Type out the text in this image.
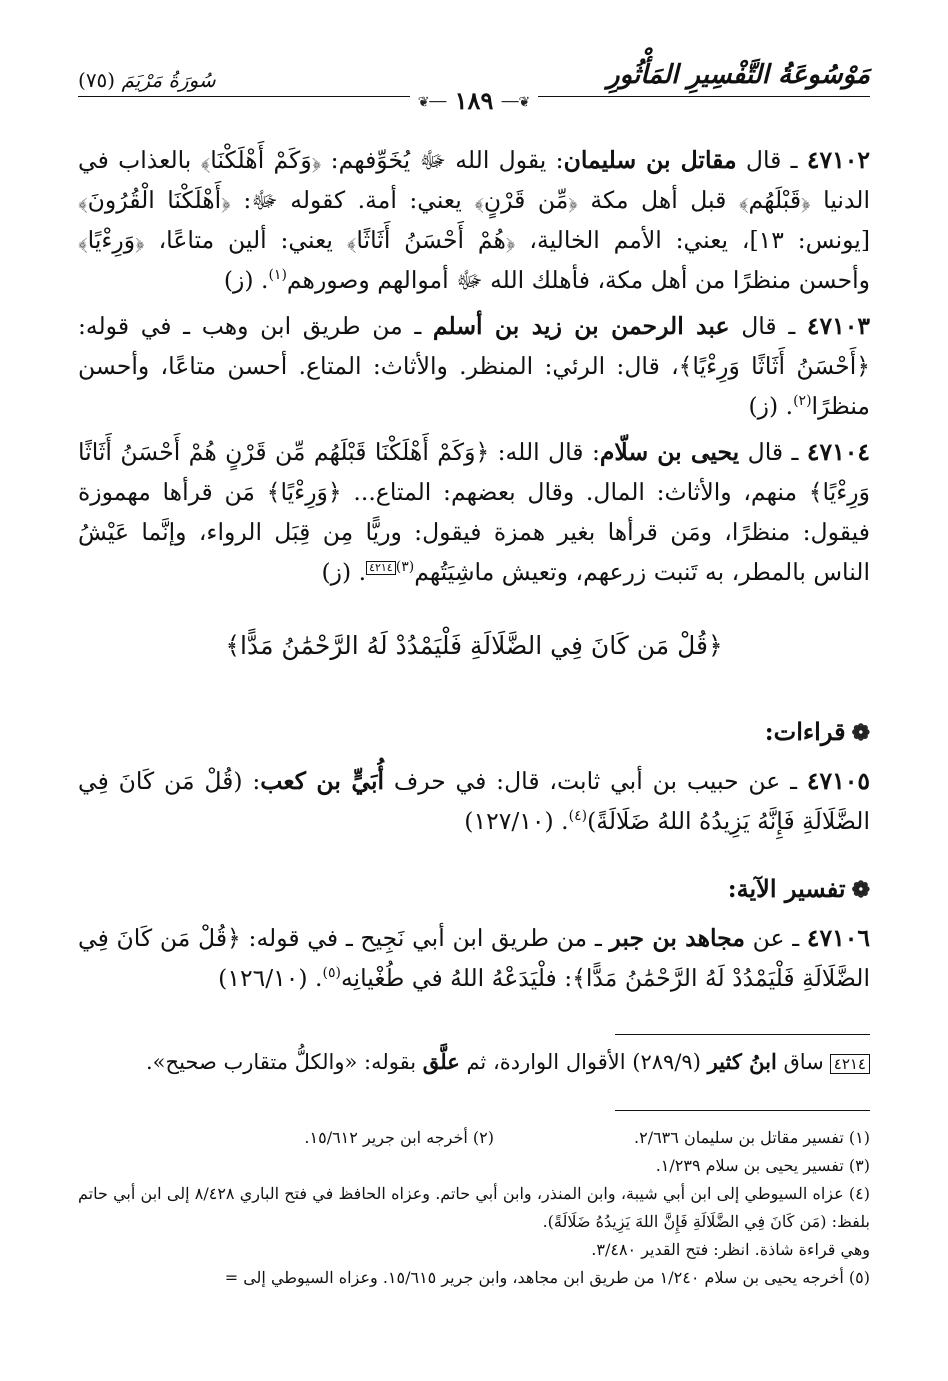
مَوْسُوعَةُ التَّفْسِيرِ المَأْثُورِ
سُورَةُ مَرْيَمَ (٧٥)
❦── ١٨٩ ──❦

٤٧١٠٢ ـ قال مقاتل بن سليمان: يقول الله ﷻ يُخَوِّفهم: ﴿وَكَمْ أَهْلَكْنَا﴾ بالعذاب في الدنيا ﴿قَبْلَهُم﴾ قبل أهل مكة ﴿مِّن قَرْنٍ﴾ يعني: أمة. كقوله ﷻ: ﴿أَهْلَكْنَا الْقُرُونَ﴾ [يونس: ١٣]، يعني: الأمم الخالية، ﴿هُمْ أَحْسَنُ أَثَاثًا﴾ يعني: ألين متاعًا، ﴿وَرِءْيًا﴾ وأحسن منظرًا من أهل مكة، فأهلك الله ﷻ أموالهم وصورهم$^{(١)}$. (ز)

٤٧١٠٣ ـ قال عبد الرحمن بن زيد بن أسلم ـ من طريق ابن وهب ـ في قوله: ﴿أَحْسَنُ أَثَاثًا وَرِءْيًا﴾، قال: الرئي: المنظر. والأثاث: المتاع. أحسن متاعًا، وأحسن منظرًا$^{(٢)}$. (ز)

٤٧١٠٤ ـ قال يحيى بن سلّام: قال الله: ﴿وَكَمْ أَهْلَكْنَا قَبْلَهُم مِّن قَرْنٍ هُمْ أَحْسَنُ أَثَاثًا وَرِءْيًا﴾ منهم، والأثاث: المال. وقال بعضهم: المتاع... ﴿وَرِءْيًا﴾ مَن قرأها مهموزة فيقول: منظرًا، ومَن قرأها بغير همزة فيقول: وريًّا مِن قِبَل الرواء، وإنَّما عَيْشُ الناس بالمطر، به تَنبت زرعهم، وتعيش ماشِيَتُهم$^{(٣)}$٤٢١٤. (ز)

﴿قُلْ مَن كَانَ فِي الضَّلَالَةِ فَلْيَمْدُدْ لَهُ الرَّحْمَٰنُ مَدًّا﴾
❁قراءات:

٤٧١٠٥ ـ عن حبيب بن أبي ثابت، قال: في حرف أُبَيٍّ بن كعب: (قُلْ مَن كَانَ فِي الضَّلَالَةِ فَإِنَّهُ يَزِيدُهُ اللهُ ضَلَالَةً)$^{(٤)}$. (١٢٧/١٠)

❁تفسير الآية:

٤٧١٠٦ ـ عن مجاهد بن جبر ـ من طريق ابن أبي نَجِيح ـ في قوله: ﴿قُلْ مَن كَانَ فِي الضَّلَالَةِ فَلْيَمْدُدْ لَهُ الرَّحْمَٰنُ مَدًّا﴾: فلْيَدَعْهُ اللهُ في طُغْيانِه$^{(٥)}$. (١٢٦/١٠)

٤٢١٤ساق ابنُ كثير (٢٨٩/٩) الأقوال الواردة، ثم علَّق بقوله: «والكلُّ متقارب صحيح».
(١) تفسير مقاتل بن سليمان ٢/٦٣٦.
(٢) أخرجه ابن جرير ١٥/٦١٢.

(٣) تفسير يحيى بن سلام ١/٢٣٩.

(٤) عزاه السيوطي إلى ابن أبي شيبة، وابن المنذر، وابن أبي حاتم. وعزاه الحافظ في فتح الباري ٨/٤٢٨ إلى ابن أبي حاتم بلفظ: (مَن كَانَ فِي الضَّلَالَةِ فَإِنَّ اللهَ يَزِيدُهُ ضَلَالَةً).

وهي قراءة شاذة. انظر: فتح القدير ٣/٤٨٠.

(٥) أخرجه يحيى بن سلام ١/٢٤٠ من طريق ابن مجاهد، وابن جرير ١٥/٦١٥. وعزاه السيوطي إلى =
